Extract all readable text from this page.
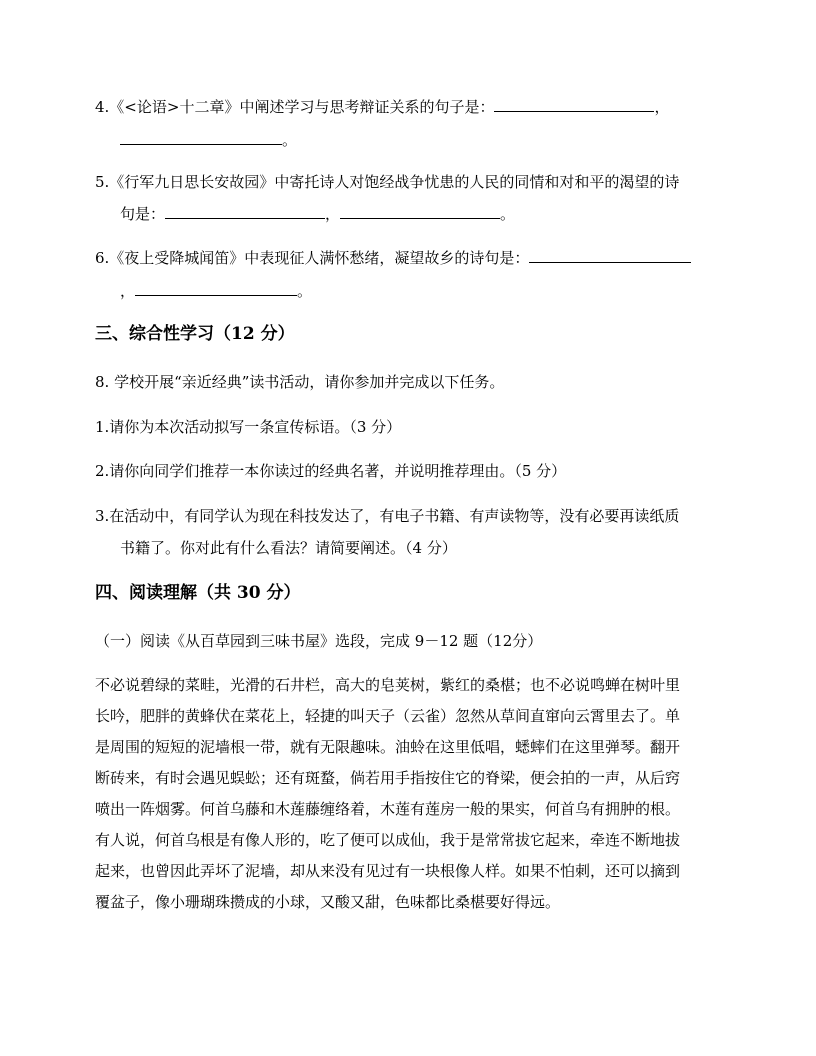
4.《<论语>十二章》中阐述学习与思考辩证关系的句子是：	，
。
5.《行军九日思长安故园》中寄托诗人对饱经战争忧患的人民的同情和对和平的渴望的诗
句是：	，	。
6.《夜上受降城闻笛》中表现征人满怀愁绪，凝望故乡的诗句是：
，	。
三、综合性学习（12 分）
8. 学校开展“亲近经典”读书活动，请你参加并完成以下任务。
1.请你为本次活动拟写一条宣传标语。（3 分）
2.请你向同学们推荐一本你读过的经典名著，并说明推荐理由。（5 分）
3.在活动中，有同学认为现在科技发达了，有电子书籍、有声读物等，没有必要再读纸质
书籍了。你对此有什么看法？请简要阐述。（4 分）
四、阅读理解（共 30 分）
（一）阅读《从百草园到三味书屋》选段，完成 9－12 题（12分）
不必说碧绿的菜畦，光滑的石井栏，高大的皂荚树，紫红的桑椹；也不必说鸣蝉在树叶里
长吟，肥胖的黄蜂伏在菜花上，轻捷的叫天子（云雀）忽然从草间直窜向云霄里去了。单
是周围的短短的泥墙根一带，就有无限趣味。油蛉在这里低唱，蟋蟀们在这里弹琴。翻开
断砖来，有时会遇见蜈蚣；还有斑蝥，倘若用手指按住它的脊梁，便会拍的一声，从后窍
喷出一阵烟雾。何首乌藤和木莲藤缠络着，木莲有莲房一般的果实，何首乌有拥肿的根。
有人说，何首乌根是有像人形的，吃了便可以成仙，我于是常常拔它起来，牵连不断地拔
起来，也曾因此弄坏了泥墙，却从来没有见过有一块根像人样。如果不怕刺，还可以摘到
覆盆子，像小珊瑚珠攒成的小球，又酸又甜，色味都比桑椹要好得远。
